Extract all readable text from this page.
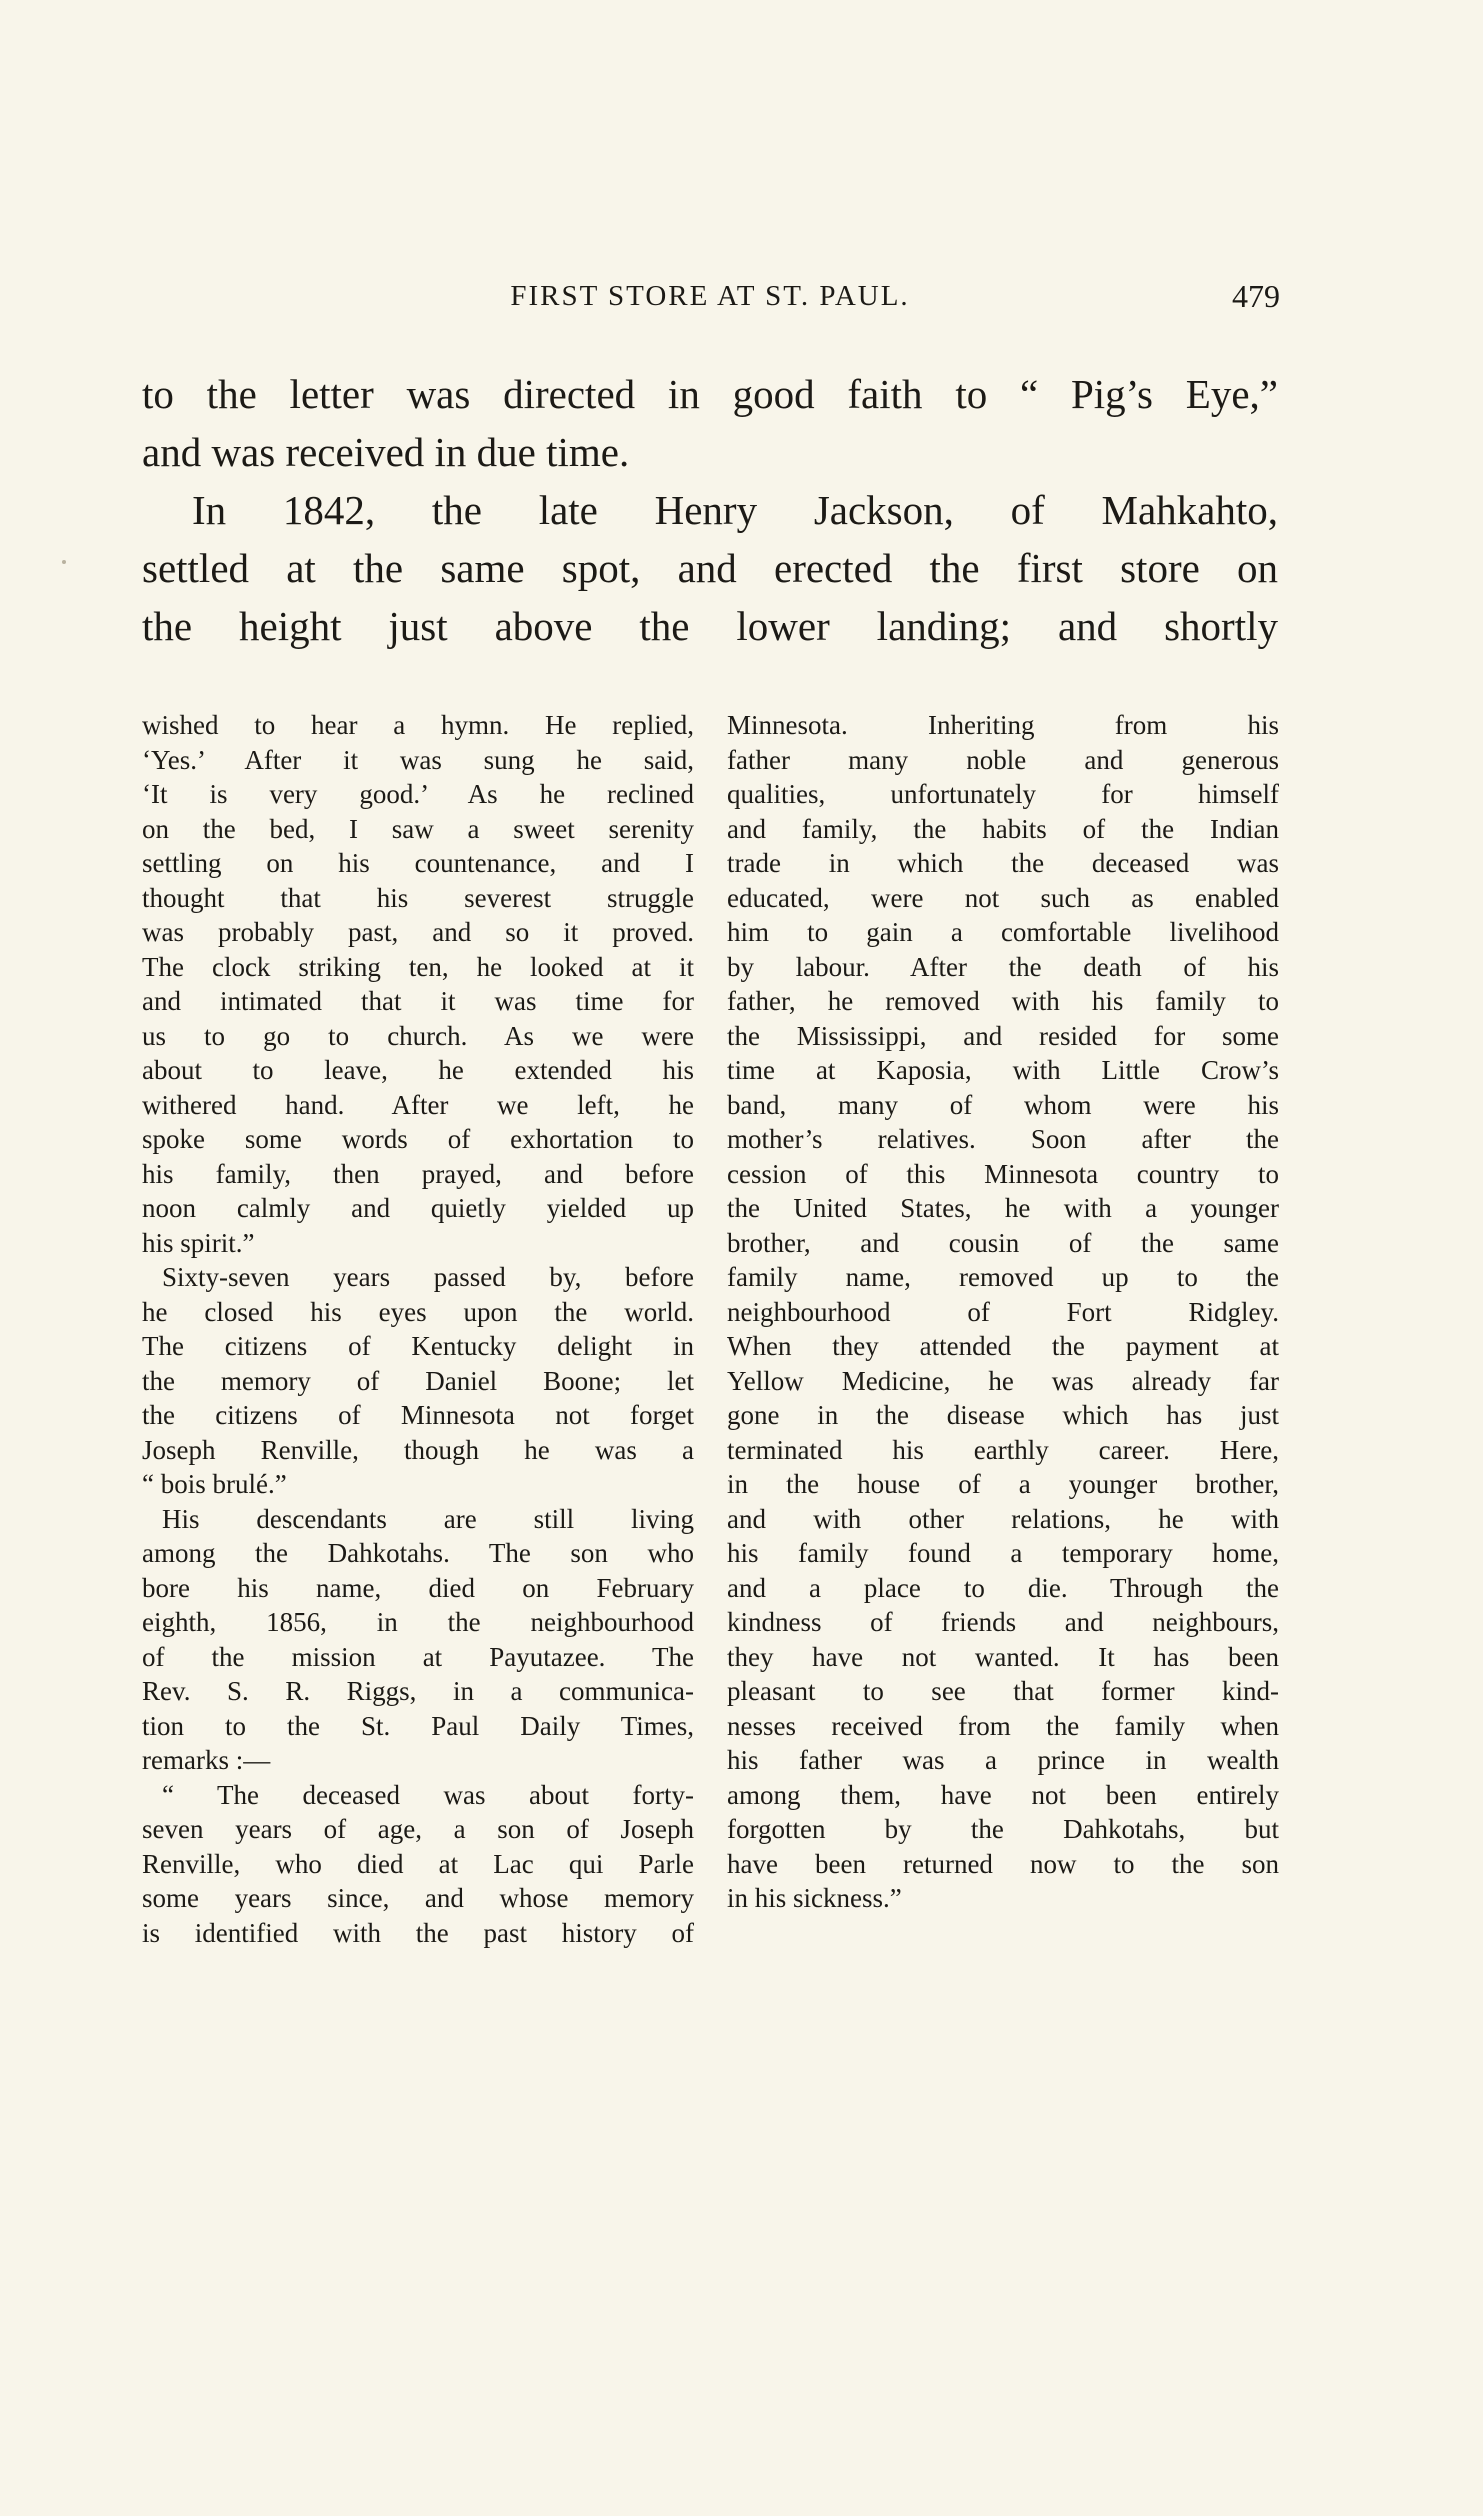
FIRST STORE AT ST. PAUL.	479
to the letter was directed in good faith to “ Pig’s Eye,”
and was received in due time.
In 1842, the late Henry Jackson, of Mahkahto,
settled at the same spot, and erected the first store on
the height just above the lower landing; and shortly
wished to hear a hymn. He replied,
‘Yes.’ After it was sung he said,
‘It is very good.’ As he reclined
on the bed, I saw a sweet serenity
settling on his countenance, and I
thought that his severest struggle
was probably past, and so it proved.
The clock striking ten, he looked at it
and intimated that it was time for
us to go to church. As we were
about to leave, he extended his
withered hand. After we left, he
spoke some words of exhortation to
his family, then prayed, and before
noon calmly and quietly yielded up
his spirit.”
Sixty-seven years passed by, before
he closed his eyes upon the world.
The citizens of Kentucky delight in
the memory of Daniel Boone; let
the citizens of Minnesota not forget
Joseph Renville, though he was a
“ bois brulé.”
His descendants are still living
among the Dahkotahs. The son who
bore his name, died on February
eighth, 1856, in the neighbourhood
of the mission at Payutazee. The
Rev. S. R. Riggs, in a communica-
tion to the St. Paul Daily Times,
remarks :—
“ The deceased was about forty-
seven years of age, a son of Joseph
Renville, who died at Lac qui Parle
some years since, and whose memory
is identified with the past history of
Minnesota. Inheriting from his
father many noble and generous
qualities, unfortunately for himself
and family, the habits of the Indian
trade in which the deceased was
educated, were not such as enabled
him to gain a comfortable livelihood
by labour. After the death of his
father, he removed with his family to
the Mississippi, and resided for some
time at Kaposia, with Little Crow’s
band, many of whom were his
mother’s relatives. Soon after the
cession of this Minnesota country to
the United States, he with a younger
brother, and cousin of the same
family name, removed up to the
neighbourhood of Fort Ridgley.
When they attended the payment at
Yellow Medicine, he was already far
gone in the disease which has just
terminated his earthly career. Here,
in the house of a younger brother,
and with other relations, he with
his family found a temporary home,
and a place to die. Through the
kindness of friends and neighbours,
they have not wanted. It has been
pleasant to see that former kind-
nesses received from the family when
his father was a prince in wealth
among them, have not been entirely
forgotten by the Dahkotahs, but
have been returned now to the son
in his sickness.”
